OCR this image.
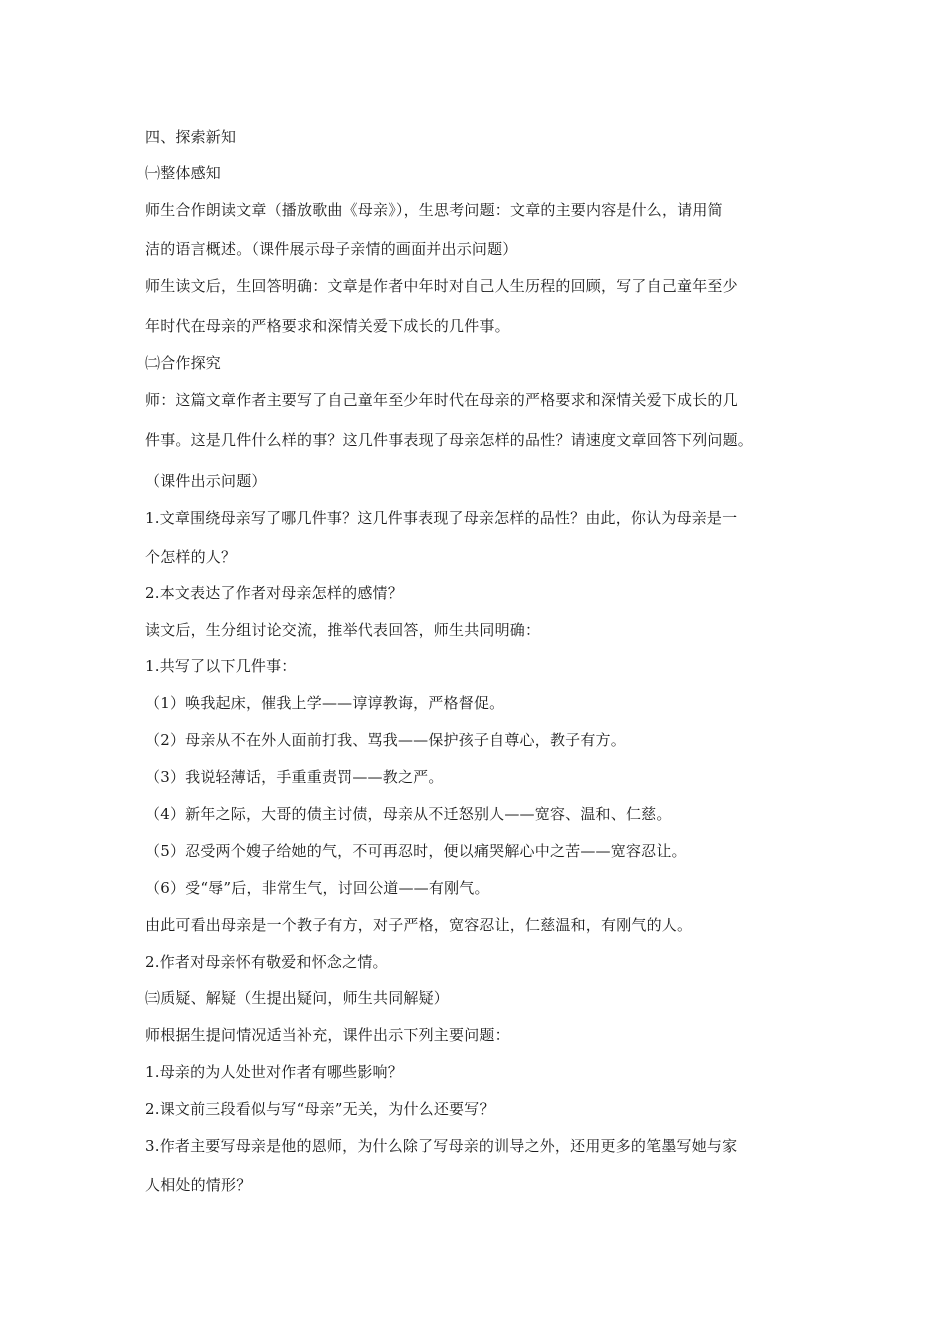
四、探索新知
㈠整体感知
师生合作朗读文章（播放歌曲《母亲》），生思考问题：文章的主要内容是什么，请用简
洁的语言概述。（课件展示母子亲情的画面并出示问题）
师生读文后，生回答明确：文章是作者中年时对自己人生历程的回顾，写了自己童年至少
年时代在母亲的严格要求和深情关爱下成长的几件事。
㈡合作探究
师：这篇文章作者主要写了自己童年至少年时代在母亲的严格要求和深情关爱下成长的几
件事。这是几件什么样的事？这几件事表现了母亲怎样的品性？请速度文章回答下列问题。
（课件出示问题）
1.文章围绕母亲写了哪几件事？这几件事表现了母亲怎样的品性？由此，你认为母亲是一
个怎样的人？
2.本文表达了作者对母亲怎样的感情？
读文后，生分组讨论交流，推举代表回答，师生共同明确：
1.共写了以下几件事：
（1）唤我起床，催我上学——谆谆教诲，严格督促。
（2）母亲从不在外人面前打我、骂我——保护孩子自尊心，教子有方。
（3）我说轻薄话，手重重责罚——教之严。
（4）新年之际，大哥的债主讨债，母亲从不迁怒别人——宽容、温和、仁慈。
（5）忍受两个嫂子给她的气，不可再忍时，便以痛哭解心中之苦——宽容忍让。
（6）受“辱”后，非常生气，讨回公道——有刚气。
由此可看出母亲是一个教子有方，对子严格，宽容忍让，仁慈温和，有刚气的人。
2.作者对母亲怀有敬爱和怀念之情。
㈢质疑、解疑（生提出疑问，师生共同解疑）
师根据生提问情况适当补充，课件出示下列主要问题：
1.母亲的为人处世对作者有哪些影响？
2.课文前三段看似与写“母亲”无关，为什么还要写？
3.作者主要写母亲是他的恩师，为什么除了写母亲的训导之外，还用更多的笔墨写她与家
人相处的情形？
